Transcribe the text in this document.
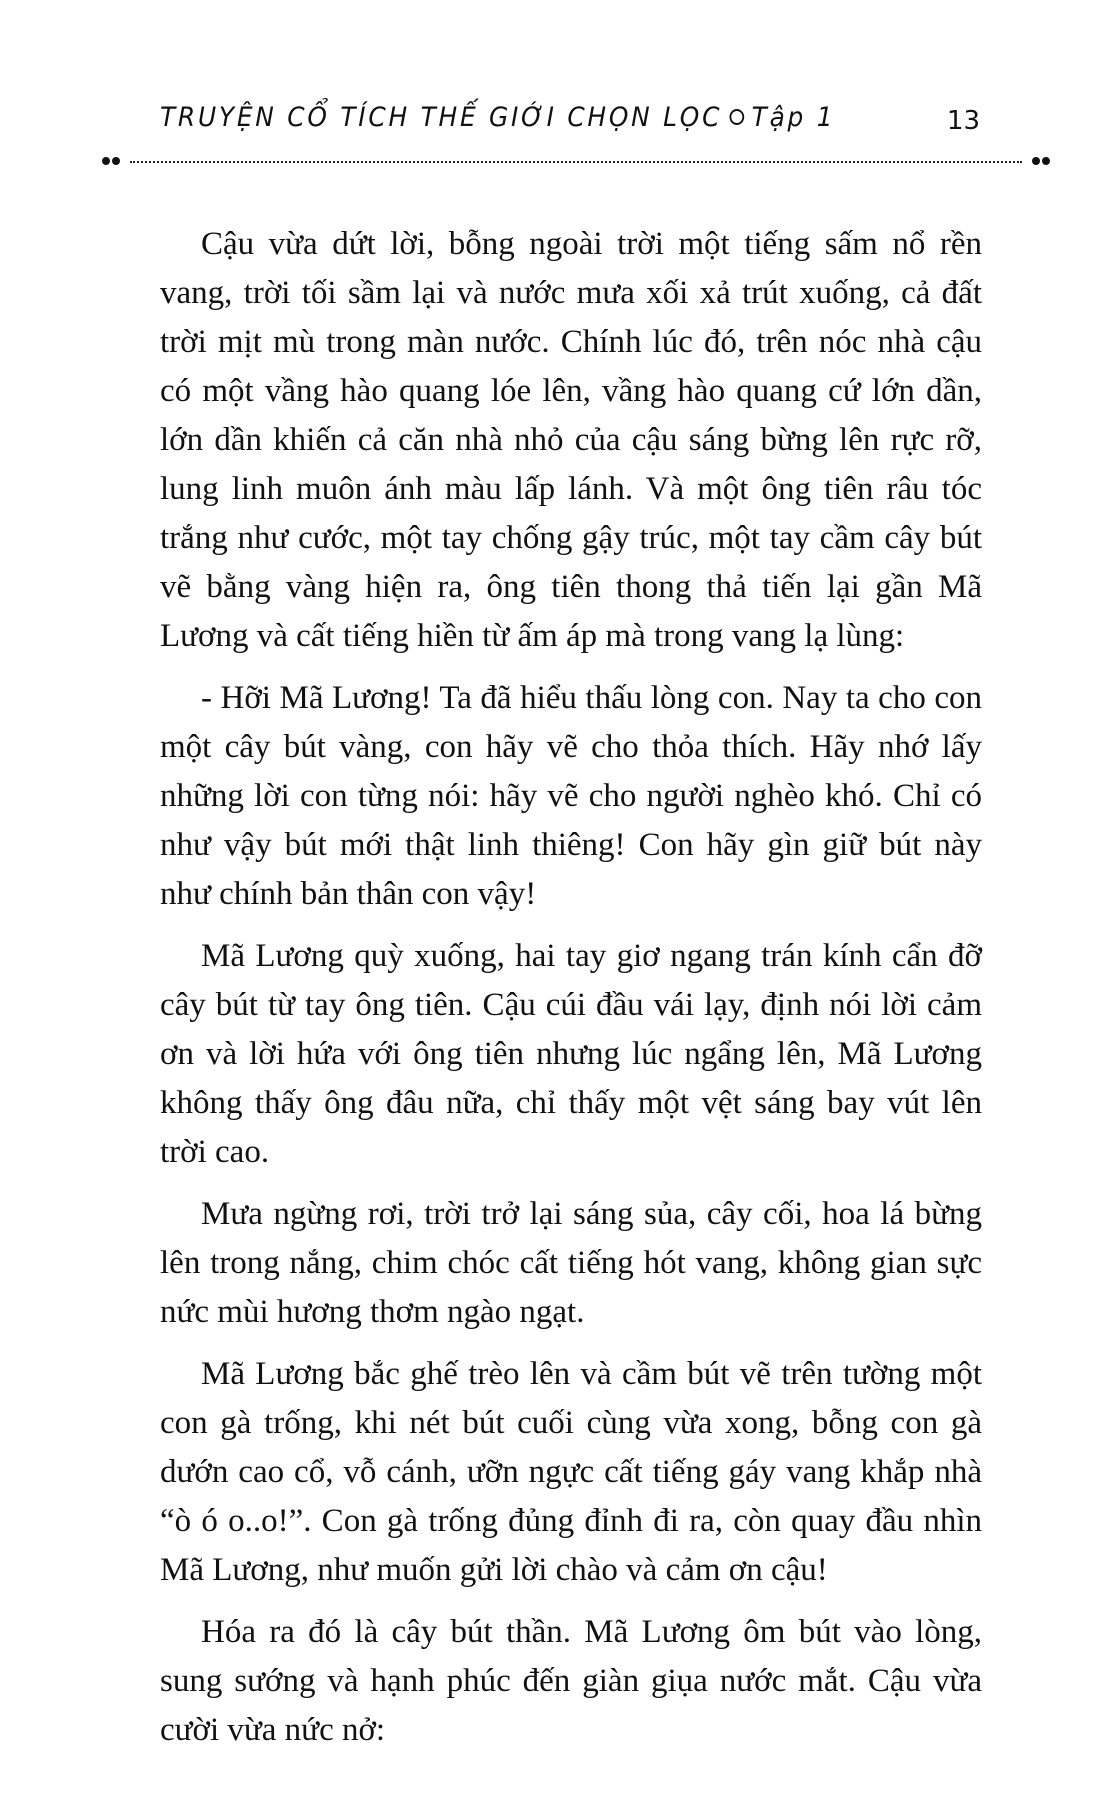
TRUYỆN CỔ TÍCH THẾ GIỚI CHỌN LỌC Tập 1	13

Cậu vừa dứt lời, bỗng ngoài trời một tiếng sấm nổ rền vang, trời tối sầm lại và nước mưa xối xả trút xuống, cả đất trời mịt mù trong màn nước. Chính lúc đó, trên nóc nhà cậu có một vầng hào quang lóe lên, vầng hào quang cứ lớn dần, lớn dần khiến cả căn nhà nhỏ của cậu sáng bừng lên rực rỡ, lung linh muôn ánh màu lấp lánh. Và một ông tiên râu tóc trắng như cước, một tay chống gậy trúc, một tay cầm cây bút vẽ bằng vàng hiện ra, ông tiên thong thả tiến lại gần Mã Lương và cất tiếng hiền từ ấm áp mà trong vang lạ lùng:

- Hỡi Mã Lương! Ta đã hiểu thấu lòng con. Nay ta cho con một cây bút vàng, con hãy vẽ cho thỏa thích. Hãy nhớ lấy những lời con từng nói: hãy vẽ cho người nghèo khó. Chỉ có như vậy bút mới thật linh thiêng! Con hãy gìn giữ bút này như chính bản thân con vậy!

Mã Lương quỳ xuống, hai tay giơ ngang trán kính cẩn đỡ cây bút từ tay ông tiên. Cậu cúi đầu vái lạy, định nói lời cảm ơn và lời hứa với ông tiên nhưng lúc ngẩng lên, Mã Lương không thấy ông đâu nữa, chỉ thấy một vệt sáng bay vút lên trời cao.

Mưa ngừng rơi, trời trở lại sáng sủa, cây cối, hoa lá bừng lên trong nắng, chim chóc cất tiếng hót vang, không gian sực nức mùi hương thơm ngào ngạt.

Mã Lương bắc ghế trèo lên và cầm bút vẽ trên tường một con gà trống, khi nét bút cuối cùng vừa xong, bỗng con gà dướn cao cổ, vỗ cánh, ưỡn ngực cất tiếng gáy vang khắp nhà “ò ó o..o!”. Con gà trống đủng đỉnh đi ra, còn quay đầu nhìn Mã Lương, như muốn gửi lời chào và cảm ơn cậu!

Hóa ra đó là cây bút thần. Mã Lương ôm bút vào lòng, sung sướng và hạnh phúc đến giàn giụa nước mắt. Cậu vừa cười vừa nức nở:
